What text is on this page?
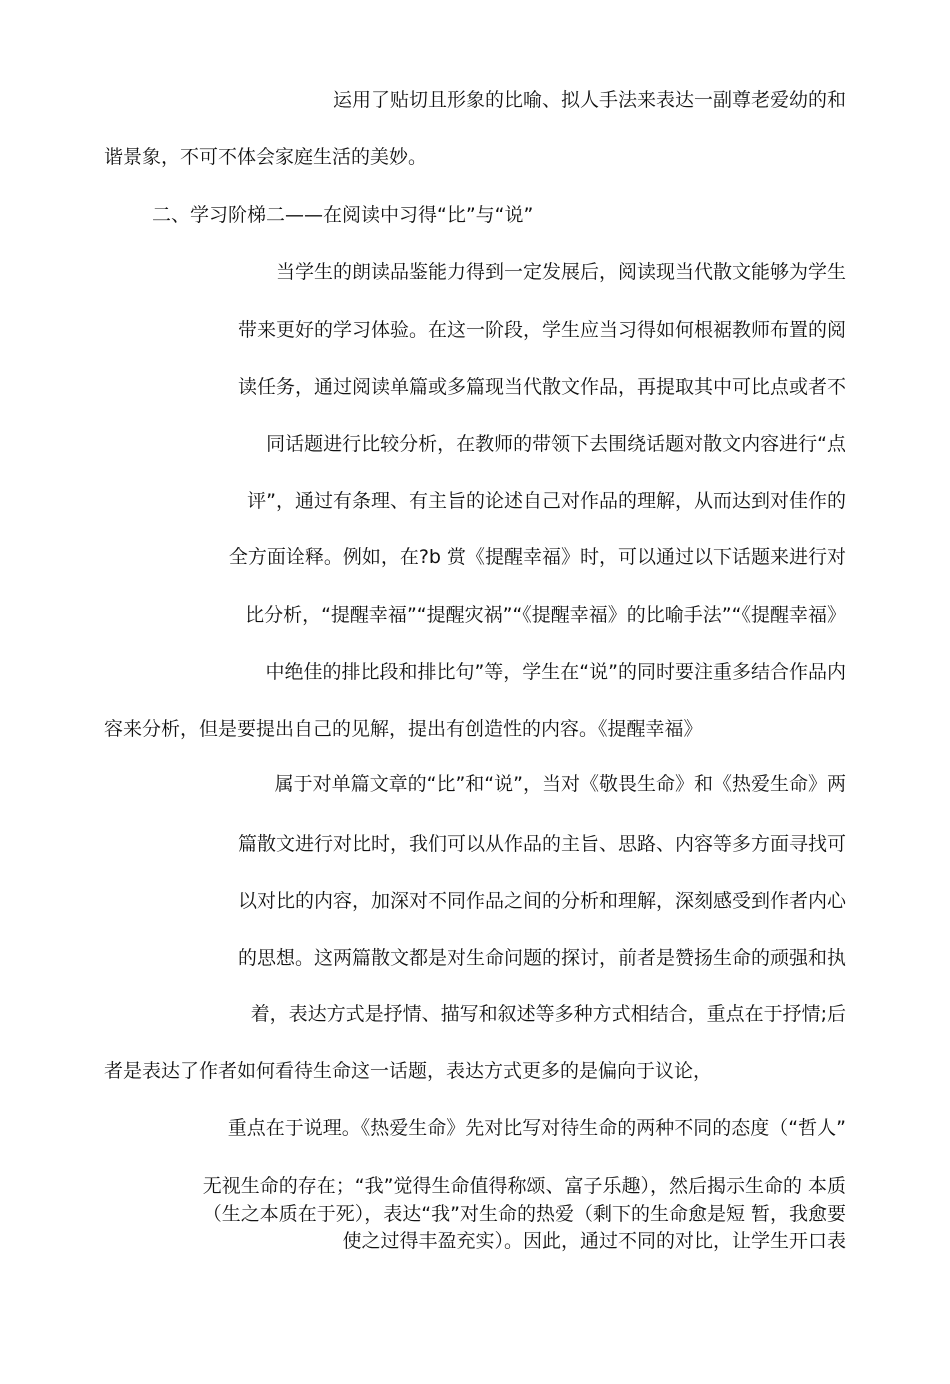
运用了贴切且形象的比喻、拟人手法来表达一副尊老爱幼的和
谐景象，不可不体会家庭生活的美妙。
二、学习阶梯二——在阅读中习得“比”与“说”
当学生的朗读品鉴能力得到一定发展后，阅读现当代散文能够为学生
带来更好的学习体验。在这一阶段，学生应当习得如何根裾教师布置的阅
读任务，通过阅读单篇或多篇现当代散文作品，再提取其中可比点或者不
同话题进行比较分析，在教师的带领下去围绕话题对散文内容进行“点
评”，通过有条理、有主旨的论述自己对作品的理解，从而达到对佳作的
全方面诠释。例如，在?b 赏《提醒幸福》时，可以通过以下话题来进行对
比分析，“提醒幸福”“提醒灾祸”“《提醒幸福》的比喻手法”“《提醒幸福》
中绝佳的排比段和排比句”等，学生在“说”的同时要注重多结合作品内
容来分析，但是要提出自己的见解，提出有创造性的内容。《提醒幸福》
属于对单篇文章的“比”和“说”，当对《敬畏生命》和《热爱生命》两
篇散文进行对比时，我们可以从作品的主旨、思路、内容等多方面寻找可
以对比的内容，加深对不同作品之间的分析和理解，深刻感受到作者内心
的思想。这两篇散文都是对生命问题的探讨，前者是赞扬生命的顽强和执
着，表达方式是抒情、描写和叙述等多种方式相结合，重点在于抒情;后
者是表达了作者如何看待生命这一话题，表达方式更多的是偏向于议论，
重点在于说理。《热爱生命》先对比写对待生命的两种不同的态度（“哲人”
无视生命的存在；“我”觉得生命值得称颂、富子乐趣），然后揭示生命的 本质
（生之本质在于死），表达“我”对生命的热爱（剩下的生命愈是短 暂，我愈要
使之过得丰盈充实）。因此，通过不同的对比，让学生开口表
